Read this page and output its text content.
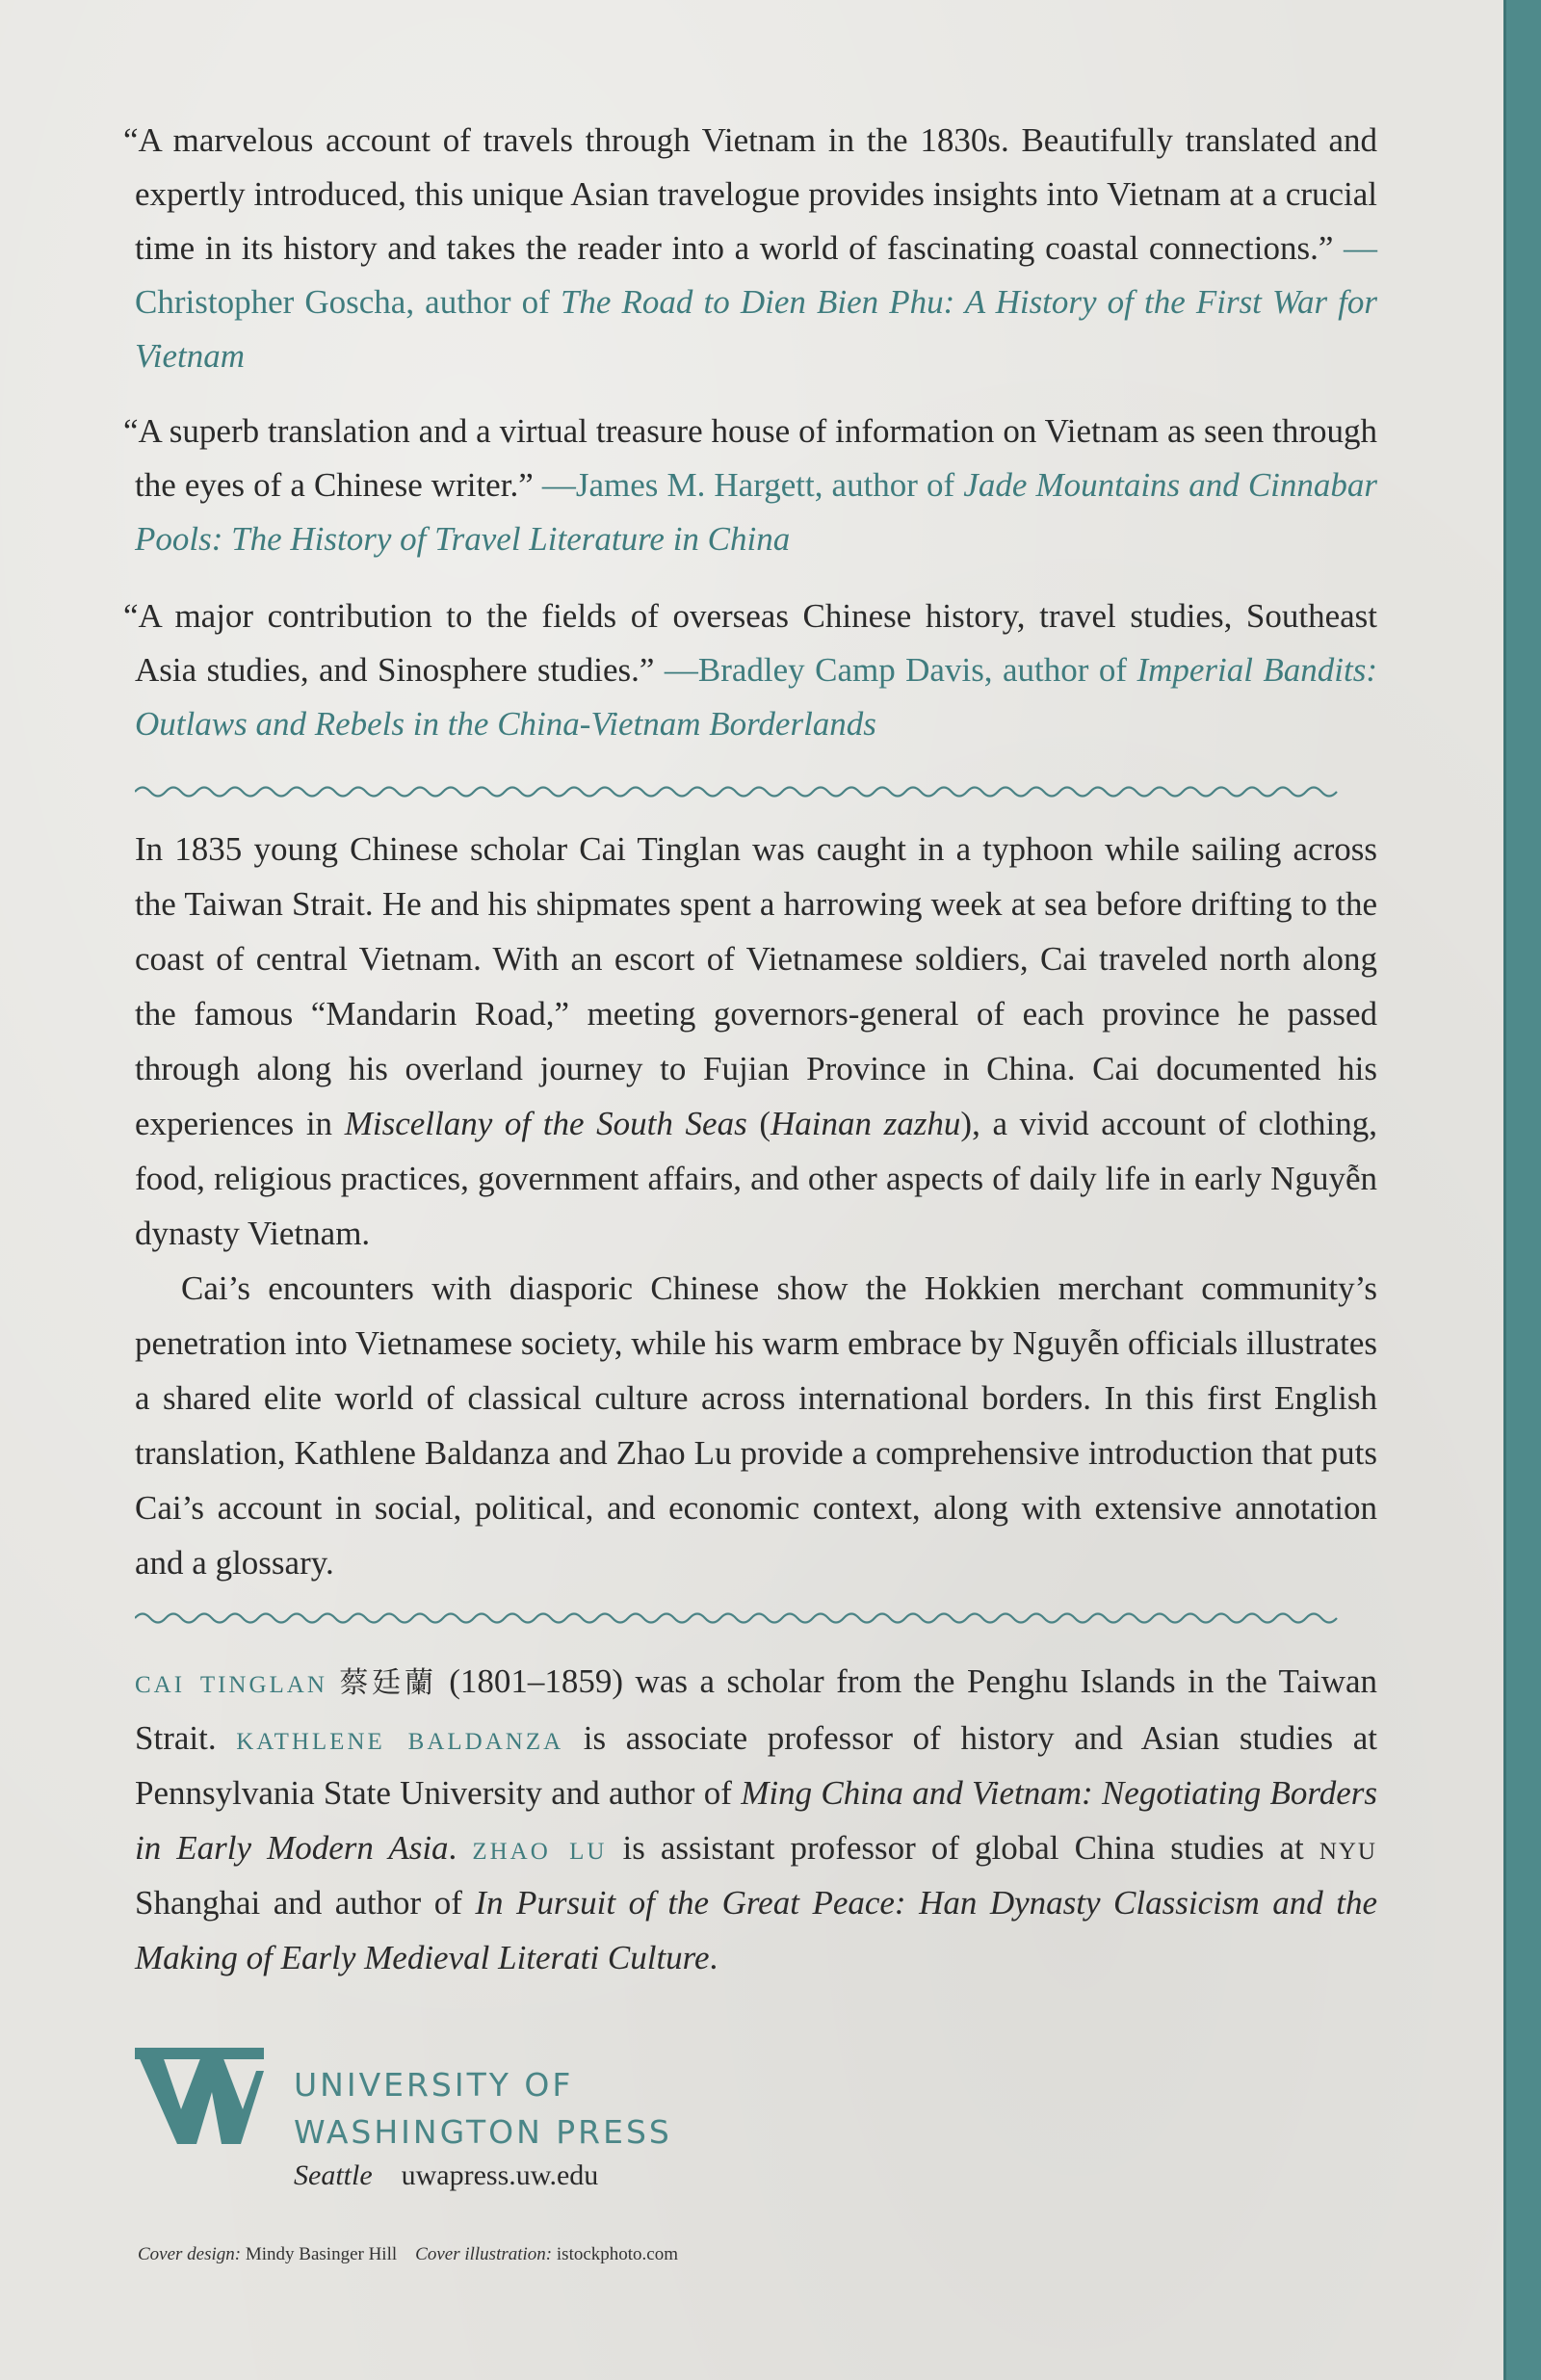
“A marvelous account of travels through Vietnam in the 1830s. Beautifully translated and expertly introduced, this unique Asian travelogue provides insights into Vietnam at a crucial time in its history and takes the reader into a world of fascinating coastal connections.” —Christopher Goscha, author of The Road to Dien Bien Phu: A History of the First War for Vietnam

“A superb translation and a virtual treasure house of information on Vietnam as seen through the eyes of a Chinese writer.” —James M. Hargett, author of Jade Mountains and Cinnabar Pools: The History of Travel Literature in China

“A major contribution to the fields of overseas Chinese history, travel studies, Southeast Asia studies, and Sinosphere studies.” —Bradley Camp Davis, author of Imperial Bandits: Outlaws and Rebels in the China-Vietnam Borderlands

In 1835 young Chinese scholar Cai Tinglan was caught in a typhoon while sailing across the Taiwan Strait. He and his shipmates spent a harrowing week at sea before drifting to the coast of central Vietnam. With an escort of Vietnamese soldiers, Cai traveled north along the famous “Mandarin Road,” meeting governors-general of each province he passed through along his overland journey to Fujian Province in China. Cai documented his experiences in Miscellany of the South Seas (Hainan zazhu), a vivid account of clothing, food, religious practices, government affairs, and other aspects of daily life in early Nguyễn dynasty Vietnam.

Cai’s encounters with diasporic Chinese show the Hokkien merchant community’s penetration into Vietnamese society, while his warm embrace by Nguyễn officials illustrates a shared elite world of classical culture across international borders. In this first English translation, Kathlene Baldanza and Zhao Lu provide a comprehensive introduction that puts Cai’s account in social, political, and economic context, along with extensive annotation and a glossary.

cai tinglan 蔡廷蘭 (1801–1859) was a scholar from the Penghu Islands in the Taiwan Strait. kathlene baldanza is associate professor of history and Asian studies at Pennsylvania State University and author of Ming China and Vietnam: Negotiating Borders in Early Modern Asia. zhao lu is assistant professor of global China studies at nyu Shanghai and author of In Pursuit of the Great Peace: Han Dynasty Classicism and the Making of Early Medieval Literati Culture.

UNIVERSITY OF
WASHINGTON PRESS
Seattle uwapress.uw.edu
Cover design: Mindy Basinger Hill Cover illustration: istockphoto.com
